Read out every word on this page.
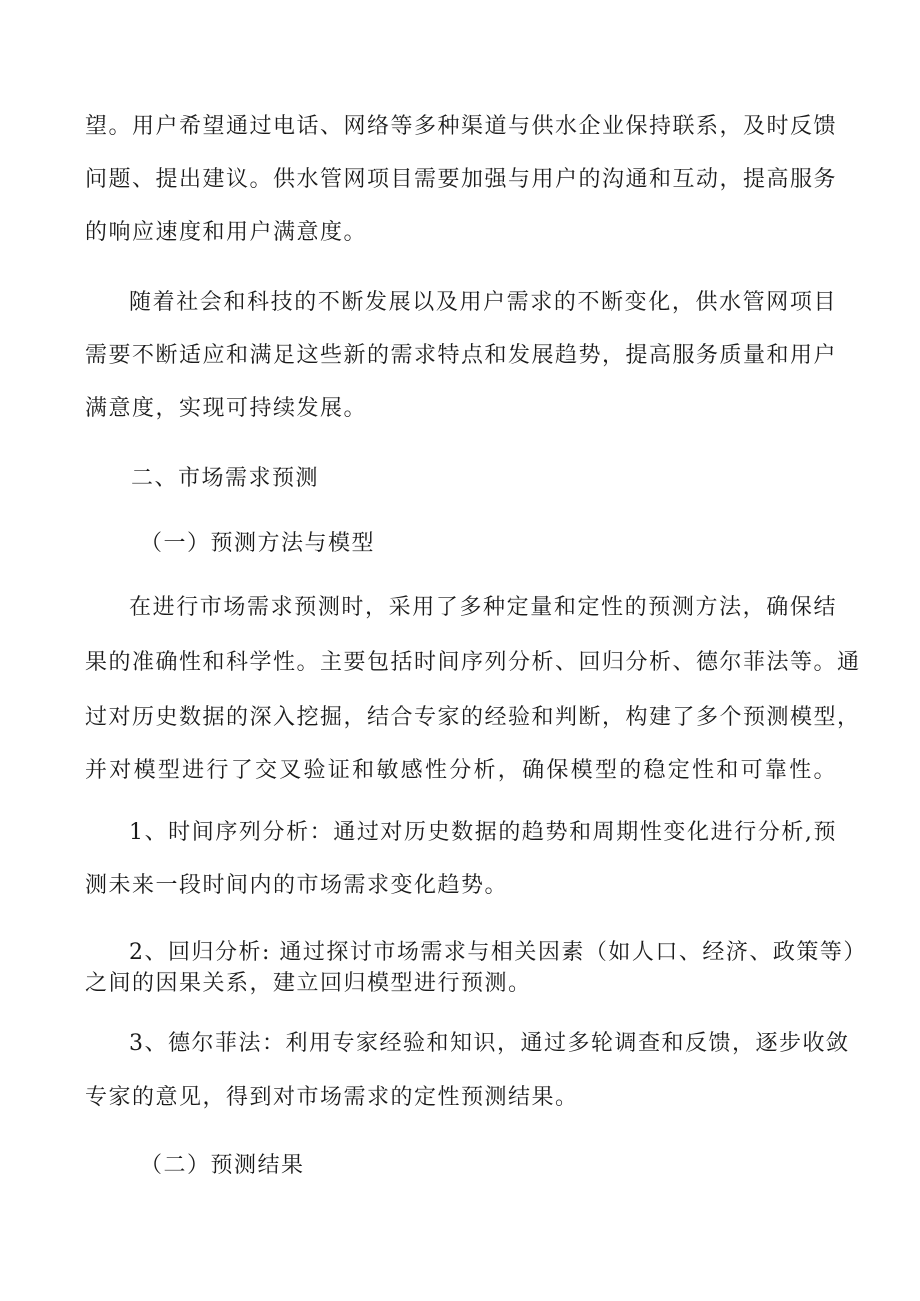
望。用户希望通过电话、网络等多种渠道与供水企业保持联系，及时反馈
问题、提出建议。供水管网项目需要加强与用户的沟通和互动，提高服务
的响应速度和用户满意度。
随着社会和科技的不断发展以及用户需求的不断变化，供水管网项目
需要不断适应和满足这些新的需求特点和发展趋势，提高服务质量和用户
满意度，实现可持续发展。
二、市场需求预测
（一）预测方法与模型
在进行市场需求预测时，采用了多种定量和定性的预测方法，确保结
果的准确性和科学性。主要包括时间序列分析、回归分析、德尔菲法等。通
过对历史数据的深入挖掘，结合专家的经验和判断，构建了多个预测模型，
并对模型进行了交叉验证和敏感性分析，确保模型的稳定性和可靠性。
1、时间序列分析：通过对历史数据的趋势和周期性变化进行分析,预
测未来一段时间内的市场需求变化趋势。
2、回归分析: 通过探讨市场需求与相关因素（如人口、经济、政策等）
之间的因果关系，建立回归模型进行预测。
3、德尔菲法：利用专家经验和知识，通过多轮调查和反馈，逐步收敛
专家的意见，得到对市场需求的定性预测结果。
（二）预测结果
